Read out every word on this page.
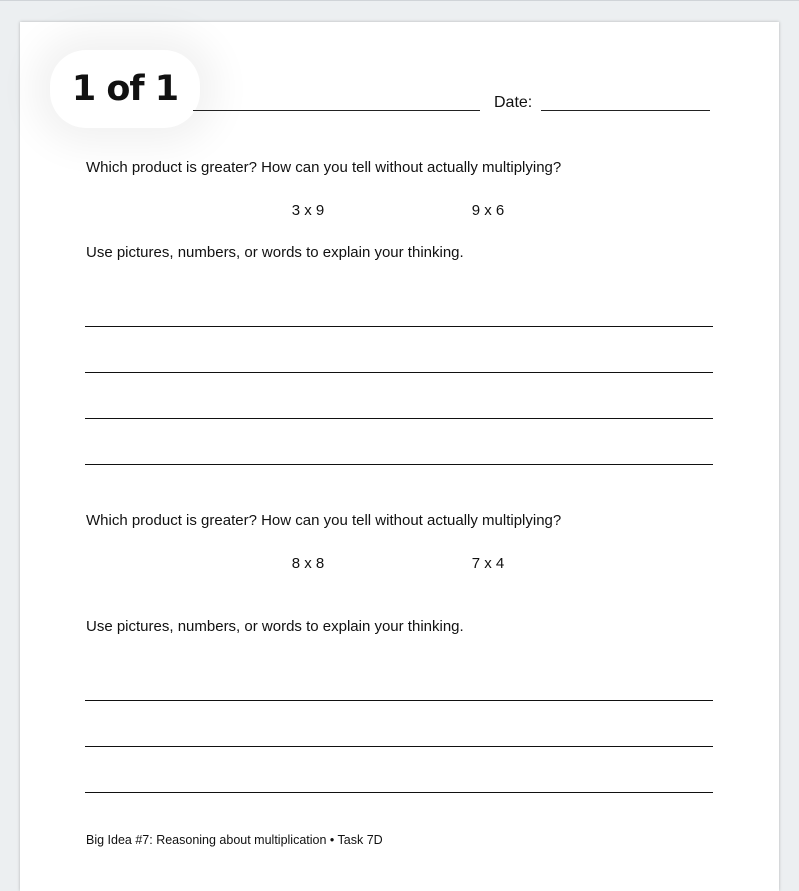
1 of 1	Date:
Which product is greater? How can you tell without actually multiplying?
3 x 9	9 x 6
Use pictures, numbers, or words to explain your thinking.
Which product is greater? How can you tell without actually multiplying?
8 x 8	7 x 4
Use pictures, numbers, or words to explain your thinking.
Big Idea #7: Reasoning about multiplication • Task 7D
